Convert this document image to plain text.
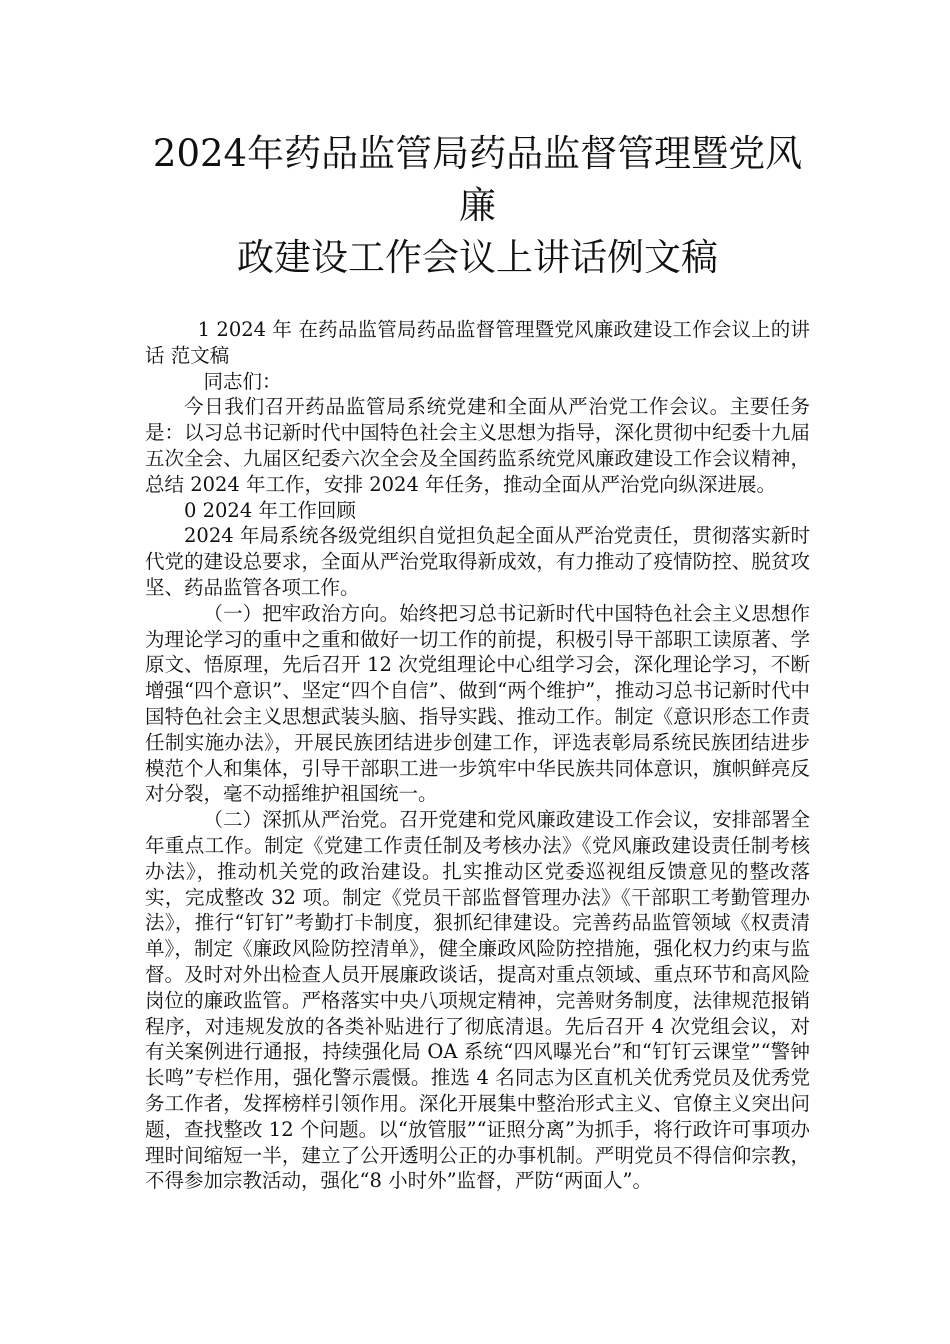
2024年药品监管局药品监督管理暨党风廉
政建设工作会议上讲话例文稿

1 2024 年 在药品监管局药品监督管理暨党风廉政建设工作会议上的讲话 范文稿

同志们：

今日我们召开药品监管局系统党建和全面从严治党工作会议。主要任务是：以习总书记新时代中国特色社会主义思想为指导，深化贯彻中纪委十九届五次全会、九届区纪委六次全会及全国药监系统党风廉政建设工作会议精神，总结 2024 年工作，安排 2024 年任务，推动全面从严治党向纵深进展。

0 2024 年工作回顾

2024 年局系统各级党组织自觉担负起全面从严治党责任，贯彻落实新时代党的建设总要求，全面从严治党取得新成效，有力推动了疫情防控、脱贫攻坚、药品监管各项工作。

（一）把牢政治方向。始终把习总书记新时代中国特色社会主义思想作为理论学习的重中之重和做好一切工作的前提，积极引导干部职工读原著、学原文、悟原理，先后召开 12 次党组理论中心组学习会，深化理论学习，不断增强“四个意识”、坚定“四个自信”、做到“两个维护”，推动习总书记新时代中国特色社会主义思想武装头脑、指导实践、推动工作。制定《意识形态工作责任制实施办法》，开展民族团结进步创建工作，评选表彰局系统民族团结进步模范个人和集体，引导干部职工进一步筑牢中华民族共同体意识，旗帜鲜亮反对分裂，毫不动摇维护祖国统一。

（二）深抓从严治党。召开党建和党风廉政建设工作会议，安排部署全年重点工作。制定《党建工作责任制及考核办法》《党风廉政建设责任制考核办法》，推动机关党的政治建设。扎实推动区党委巡视组反馈意见的整改落实，完成整改 32 项。制定《党员干部监督管理办法》《干部职工考勤管理办法》，推行“钉钉”考勤打卡制度，狠抓纪律建设。完善药品监管领域《权责清单》，制定《廉政风险防控清单》，健全廉政风险防控措施，强化权力约束与监督。及时对外出检查人员开展廉政谈话，提高对重点领域、重点环节和高风险岗位的廉政监管。严格落实中央八项规定精神，完善财务制度，法律规范报销程序，对违规发放的各类补贴进行了彻底清退。先后召开 4 次党组会议，对有关案例进行通报，持续强化局 OA 系统“四风曝光台”和“钉钉云课堂”“警钟长鸣”专栏作用，强化警示震慑。推选 4 名同志为区直机关优秀党员及优秀党务工作者，发挥榜样引领作用。深化开展集中整治形式主义、官僚主义突出问题，查找整改 12 个问题。以“放管服”“证照分离”为抓手，将行政许可事项办理时间缩短一半，建立了公开透明公正的办事机制。严明党员不得信仰宗教，不得参加宗教活动，强化“8 小时外”监督，严防“两面人”。
